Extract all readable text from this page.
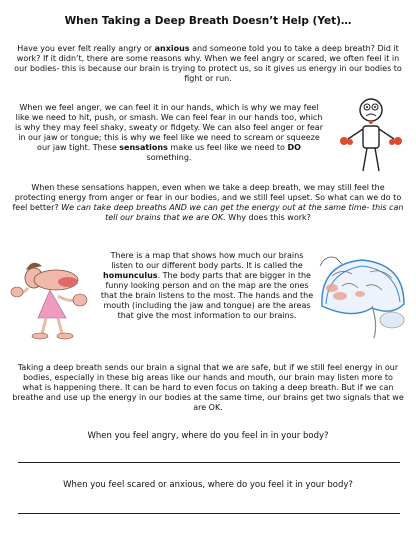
When Taking a Deep Breath Doesn’t Help (Yet)…
Have you ever felt really angry or anxious and someone told you to take a deep breath? Did it work? If it didn’t, there are some reasons why. When we feel angry or scared, we often feel it in our bodies- this is because our brain is trying to protect us, so it gives us energy in our bodies to fight or run.
When we feel anger, we can feel it in our hands, which is why we may feel like we need to hit, push, or smash. We can feel fear in our hands too, which is why they may feel shaky, sweaty or fidgety. We can also feel anger or fear in our jaw or tongue; this is why we feel like we need to scream or squeeze our jaw tight. These sensations make us feel like we need to DO something.
When these sensations happen, even when we take a deep breath, we may still feel the protecting energy from anger or fear in our bodies, and we still feel upset. So what can we do to feel better? We can take deep breaths AND we can get the energy out at the same time- this can tell our brains that we are OK. Why does this work?
There is a map that shows how much our brains listen to our different body parts. It is called the homunculus. The body parts that are bigger in the funny looking person and on the map are the ones that the brain listens to the most. The hands and the mouth (including the jaw and tongue) are the areas that give the most information to our brains.
Taking a deep breath sends our brain a signal that we are safe, but if we still feel energy in our bodies, especially in these big areas like our hands and mouth, our brain may listen more to what is happening there. It can be hard to even focus on taking a deep breath. But if we can breathe and use up the energy in our bodies at the same time, our brains get two signals that we are OK.
When you feel angry, where do you feel in in your body?
When you feel scared or anxious, where do you feel it in your body?
